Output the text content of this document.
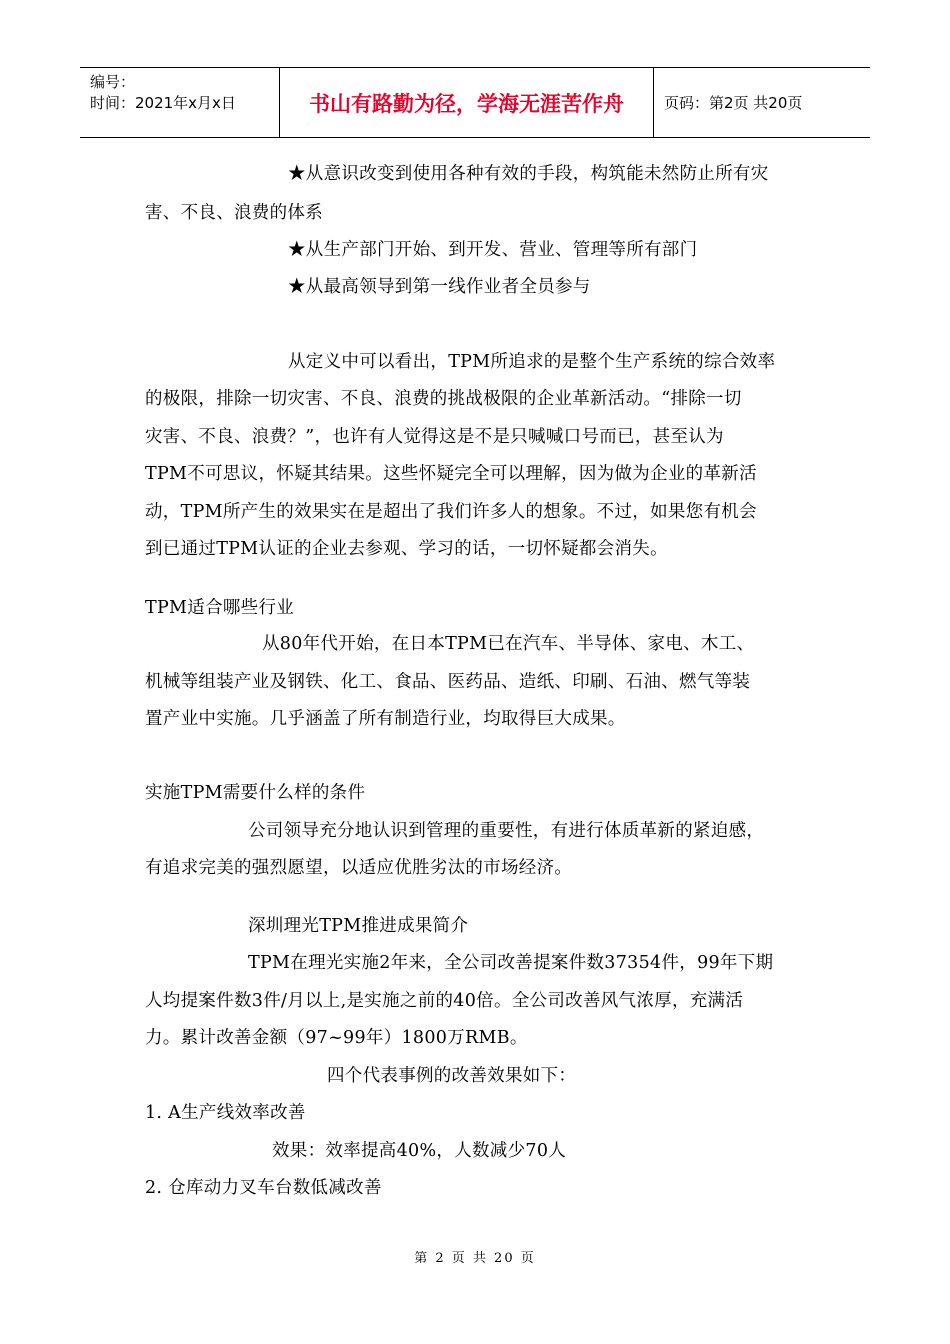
编号：
时间：2021年x月x日	书山有路勤为径，学海无涯苦作舟	页码：第2页 共20页
★从意识改变到使用各种有效的手段，构筑能未然防止所有灾
害、不良、浪费的体系
★从生产部门开始、到开发、营业、管理等所有部门
★从最高领导到第一线作业者全员参与
从定义中可以看出，TPM所追求的是整个生产系统的综合效率
的极限，排除一切灾害、不良、浪费的挑战极限的企业革新活动。“排除一切
灾害、不良、浪费？”，也许有人觉得这是不是只喊喊口号而已，甚至认为
TPM不可思议，怀疑其结果。这些怀疑完全可以理解，因为做为企业的革新活
动，TPM所产生的效果实在是超出了我们许多人的想象。不过，如果您有机会
到已通过TPM认证的企业去参观、学习的话，一切怀疑都会消失。
TPM适合哪些行业
从80年代开始，在日本TPM已在汽车、半导体、家电、木工、
机械等组装产业及钢铁、化工、食品、医药品、造纸、印刷、石油、燃气等装
置产业中实施。几乎涵盖了所有制造行业，均取得巨大成果。
实施TPM需要什么样的条件
公司领导充分地认识到管理的重要性，有进行体质革新的紧迫感，
有追求完美的强烈愿望，以适应优胜劣汰的市场经济。
深圳理光TPM推进成果简介
TPM在理光实施2年来，全公司改善提案件数37354件，99年下期
人均提案件数3件/月以上,是实施之前的40倍。全公司改善风气浓厚，充满活
力。累计改善金额（97~99年）1800万RMB。
四个代表事例的改善效果如下：
1. A生产线效率改善
效果：效率提高40%，人数减少70人
2. 仓库动力叉车台数低减改善
第 2 页 共 20 页
